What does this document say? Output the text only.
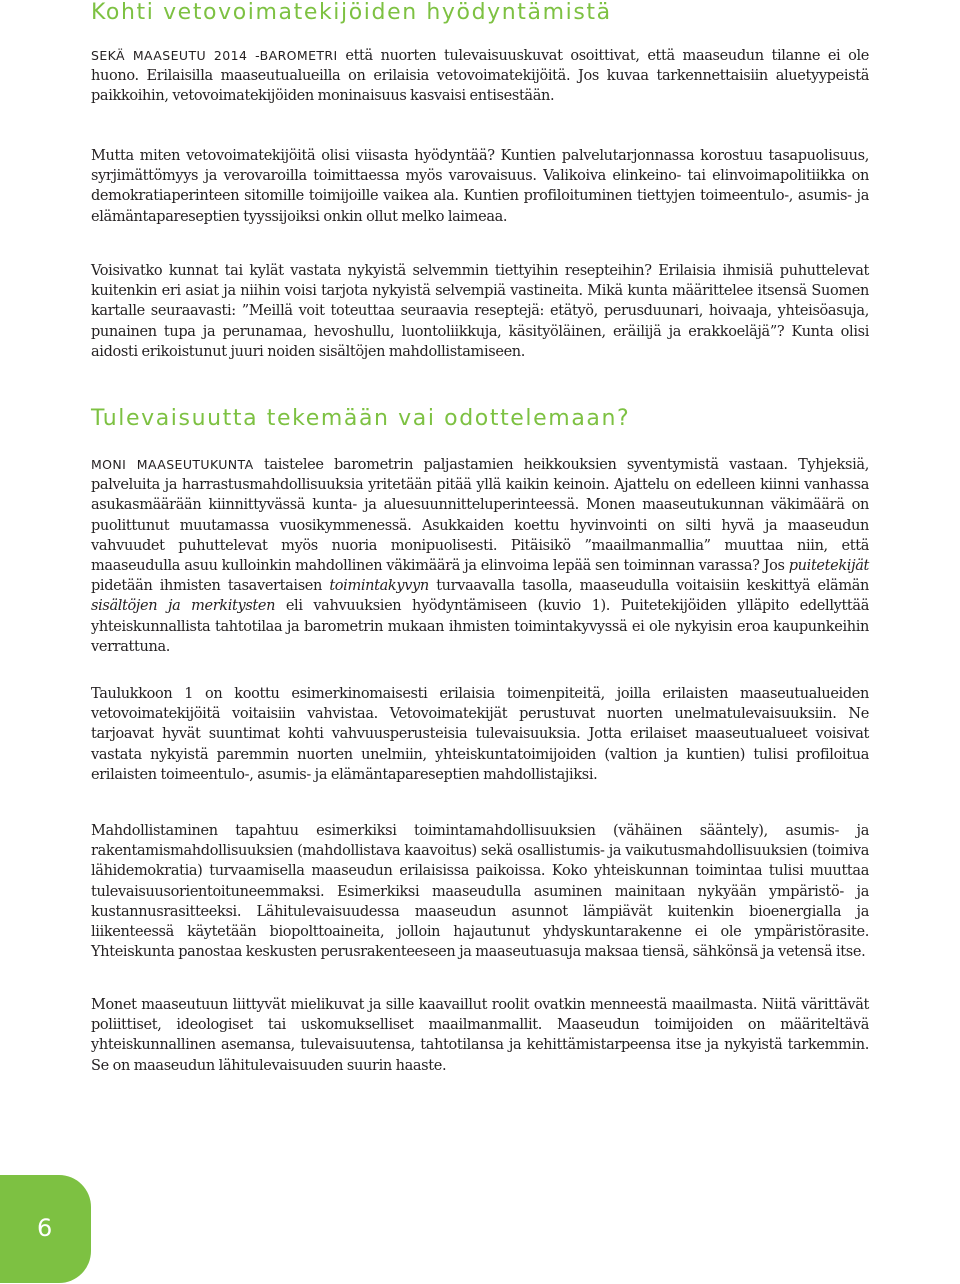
Kohti vetovoimatekijöiden hyödyntämistä

SEKÄ MAASEUTU 2014 -BAROMETRI että nuorten tulevaisuuskuvat osoittivat, että maaseudun tilanne ei ole huono. Erilaisilla maaseutualueilla on erilaisia vetovoimatekijöitä. Jos kuvaa tarkennettaisiin aluetyypeistä paikkoihin, vetovoimatekijöiden moninaisuus kasvaisi entisestään.

Mutta miten vetovoimatekijöitä olisi viisasta hyödyntää? Kuntien palvelutarjonnassa korostuu tasapuolisuus, syrjimättömyys ja verovaroilla toimittaessa myös varovaisuus. Valikoiva elinkeino- tai elinvoimapolitiikka on demokratiaperinteen sitomille toimijoille vaikea ala. Kuntien profiloituminen tiettyjen toimeentulo-, asumis- ja elämäntapareseptien tyyssijoiksi onkin ollut melko laimeaa.

Voisivatko kunnat tai kylät vastata nykyistä selvemmin tiettyihin resepteihin? Erilaisia ihmisiä puhuttelevat kuitenkin eri asiat ja niihin voisi tarjota nykyistä selvempiä vastineita. Mikä kunta määrittelee itsensä Suomen kartalle seuraavasti: ”Meillä voit toteuttaa seuraavia reseptejä: etätyö, perusduunari, hoivaaja, yhteisöasuja, punainen tupa ja perunamaa, hevoshullu, luontoliikkuja, käsityöläinen, eräilijä ja erakkoeläjä”? Kunta olisi aidosti erikoistunut juuri noiden sisältöjen mahdollistamiseen.

Tulevaisuutta tekemään vai odottelemaan?

MONI MAASEUTUKUNTA taistelee barometrin paljastamien heikkouksien syventymistä vastaan. Tyhjeksiä, palveluita ja harrastusmahdollisuuksia yritetään pitää yllä kaikin keinoin. Ajattelu on edelleen kiinni vanhassa asukasmäärään kiinnittyvässä kunta- ja aluesuunnitteluperinteessä. Monen maaseutukunnan väkimäärä on puolittunut muutamassa vuosikymmenessä. Asukkaiden koettu hyvinvointi on silti hyvä ja maaseudun vahvuudet puhuttelevat myös nuoria monipuolisesti. Pitäisikö ”maailmanmallia” muuttaa niin, että maaseudulla asuu kulloinkin mahdollinen väkimäärä ja elinvoima lepää sen toiminnan varassa? Jos puitetekijät pidetään ihmisten tasavertaisen toimintakyvyn turvaavalla tasolla, maaseudulla voitaisiin keskittyä elämän sisältöjen ja merkitysten eli vahvuuksien hyödyntämiseen (kuvio 1). Puitetekijöiden ylläpito edellyttää yhteiskunnallista tahtotilaa ja barometrin mukaan ihmisten toimintakyvyssä ei ole nykyisin eroa kaupunkeihin verrattuna.

Taulukkoon 1 on koottu esimerkinomaisesti erilaisia toimenpiteitä, joilla erilaisten maaseutualueiden vetovoimatekijöitä voitaisiin vahvistaa. Vetovoimatekijät perustuvat nuorten unelmatulevaisuuksiin. Ne tarjoavat hyvät suuntimat kohti vahvuusperusteisia tulevaisuuksia. Jotta erilaiset maaseutualueet voisivat vastata nykyistä paremmin nuorten unelmiin, yhteiskuntatoimijoiden (valtion ja kuntien) tulisi profiloitua erilaisten toimeentulo-, asumis- ja elämäntapareseptien mahdollistajiksi.

Mahdollistaminen tapahtuu esimerkiksi toimintamahdollisuuksien (vähäinen sääntely), asumis- ja rakentamismahdollisuuksien (mahdollistava kaavoitus) sekä osallistumis- ja vaikutusmahdollisuuksien (toimiva lähidemokratia) turvaamisella maaseudun erilaisissa paikoissa. Koko yhteiskunnan toimintaa tulisi muuttaa tulevaisuusorientoituneemmaksi. Esimerkiksi maaseudulla asuminen mainitaan nykyään ympäristö- ja kustannusrasitteeksi. Lähitulevaisuudessa maaseudun asunnot lämpiävät kuitenkin bioenergialla ja liikenteessä käytetään biopolttoaineita, jolloin hajautunut yhdyskuntarakenne ei ole ympäristörasite. Yhteiskunta panostaa keskusten perusrakenteeseen ja maaseutuasuja maksaa tiensä, sähkönsä ja vetensä itse.

Monet maaseutuun liittyvät mielikuvat ja sille kaavaillut roolit ovatkin menneestä maailmasta. Niitä värittävät poliittiset, ideologiset tai uskomukselliset maailmanmallit. Maaseudun toimijoiden on määriteltävä yhteiskunnallinen asemansa, tulevaisuutensa, tahtotilansa ja kehittämistarpeensa itse ja nykyistä tarkemmin. Se on maaseudun lähitulevaisuuden suurin haaste.

6
